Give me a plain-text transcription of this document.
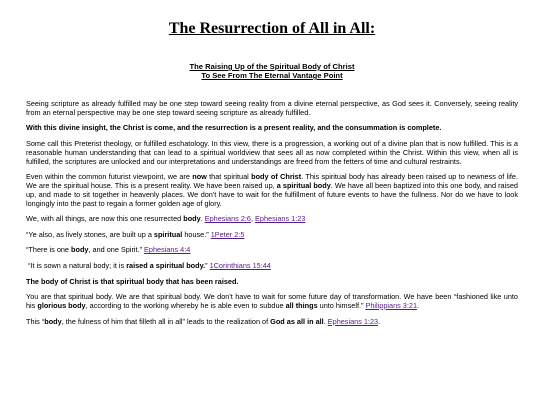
The Resurrection of All in All:
The Raising Up of the Spiritual Body of Christ
To See From The Eternal Vantage Point

Seeing scripture as already fulfilled may be one step toward seeing reality from a divine eternal perspective, as God sees it. Conversely, seeing reality from an eternal perspective may be one step toward seeing scripture as already fulfilled.

With this divine insight, the Christ is come, and the resurrection is a present reality, and the consummation is complete.

Some call this Preterist theology, or fulfilled eschatology. In this view, there is a progression, a working out of a divine plan that is now fulfilled. This is a reasonable human understanding that can lead to a spiritual worldview that sees all as now completed within the Christ. Within this view, when all is fulfilled, the scriptures are unlocked and our interpretations and understandings are freed from the fetters of time and cultural restraints.

Even within the common futurist viewpoint, we are now that spiritual body of Christ. This spiritual body has already been raised up to newness of life. We are the spiritual house. This is a present reality. We have been raised up, a spiritual body. We have all been baptized into this one body, and raised up, and made to sit together in heavenly places. We don't have to wait for the fulfillment of future events to have the fullness. Nor do we have to look longingly into the past to regain a former golden age of glory.

We, with all things, are now this one resurrected body. Ephesians 2:6, Ephesians 1:23

“Ye also, as lively stones, are built up a spiritual house.” 1Peter 2:5

“There is one body, and one Spirit.” Ephesians 4:4

“It is sown a natural body; it is raised a spiritual body.” 1Corinthians 15:44

The body of Christ is that spiritual body that has been raised.

You are that spiritual body. We are that spiritual body. We don't have to wait for some future day of transformation. We have been “fashioned like unto his glorious body, according to the working whereby he is able even to subdue all things unto himself.” Philippians 3:21.

This “body, the fulness of him that filleth all in all” leads to the realization of God as all in all. Ephesians 1:23.
